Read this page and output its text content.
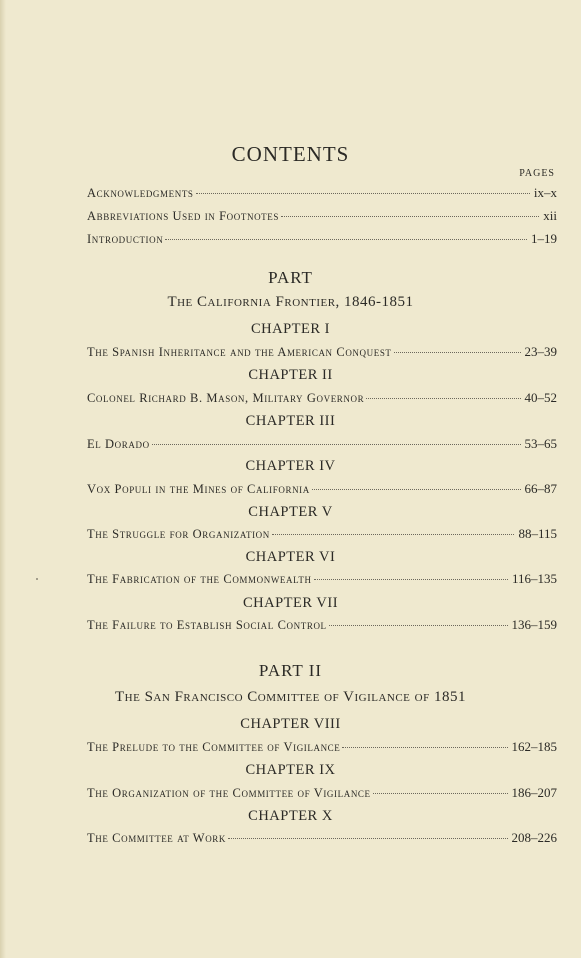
CONTENTS
PAGES
Acknowledgments	ix–x
Abbreviations Used in Footnotes	xii
Introduction	1–19
PART
The California Frontier, 1846-1851
CHAPTER I
The Spanish Inheritance and the American Conquest	23–39
CHAPTER II
Colonel Richard B. Mason, Military Governor	40–52
CHAPTER III
El Dorado	53–65
CHAPTER IV
Vox Populi in the Mines of California	66–87
CHAPTER V
The Struggle for Organization	88–115
CHAPTER VI
The Fabrication of the Commonwealth	116–135
CHAPTER VII
The Failure to Establish Social Control	136–159
PART II
The San Francisco Committee of Vigilance of 1851
CHAPTER VIII
The Prelude to the Committee of Vigilance	162–185
CHAPTER IX
The Organization of the Committee of Vigilance	186–207
CHAPTER X
The Committee at Work	208–226
